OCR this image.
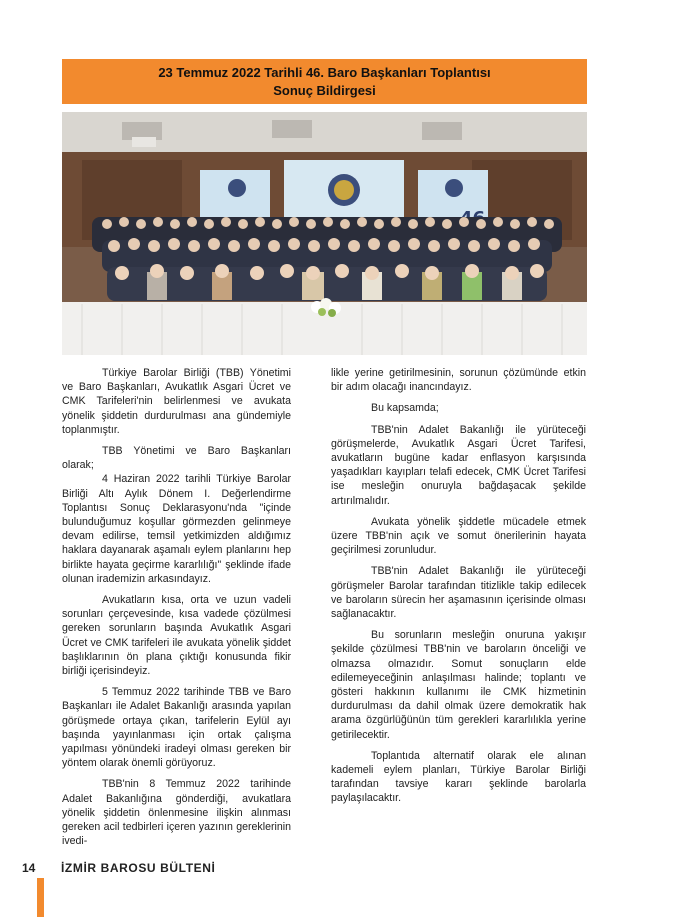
23 Temmuz 2022 Tarihli 46. Baro Başkanları Toplantısı
Sonuç Bildirgesi

Türkiye Barolar Birliği (TBB) Yönetimi ve Baro Başkanları, Avukatlık Asgari Ücret ve CMK Tarifeleri'nin belirlenmesi ve avukata yönelik şiddetin durdurulması ana gündemiyle toplanmıştır.

TBB Yönetimi ve Baro Başkanları olarak;

4 Haziran 2022 tarihli Türkiye Barolar Birliği Altı Aylık Dönem I. Değerlendirme Toplantısı Sonuç Deklarasyonu'nda "içinde bulunduğumuz koşullar görmezden gelinmeye devam edilirse, temsil yetkimizden aldığımız haklara dayanarak aşamalı eylem planlarını hep birlikte hayata geçirme kararlılığı" şeklinde ifade olunan irademizin arkasındayız.

Avukatların kısa, orta ve uzun vadeli sorunları çerçevesinde, kısa vadede çözülmesi gereken sorunların başında Avukatlık Asgari Ücret ve CMK tarifeleri ile avukata yönelik şiddet başlıklarının ön plana çıktığı konusunda fikir birliği içerisindeyiz.

5 Temmuz 2022 tarihinde TBB ve Baro Başkanları ile Adalet Bakanlığı arasında yapılan görüşmede ortaya çıkan, tarifelerin Eylül ayı başında yayınlanması için ortak çalışma yapılması yönündeki iradeyi olması gereken bir yöntem olarak önemli görüyoruz.

TBB'nin 8 Temmuz 2022 tarihinde Adalet Bakanlığına gönderdiği, avukatlara yönelik şiddetin önlenmesine ilişkin alınması gereken acil tedbirleri içeren yazının gereklerinin ivedi-

likle yerine getirilmesinin, sorunun çözümünde etkin bir adım olacağı inancındayız.

Bu kapsamda;

TBB'nin Adalet Bakanlığı ile yürüteceği görüşmelerde, Avukatlık Asgari Ücret Tarifesi, avukatların bugüne kadar enflasyon karşısında yaşadıkları kayıpları telafi edecek, CMK Ücret Tarifesi ise mesleğin onuruyla bağdaşacak şekilde artırılmalıdır.

Avukata yönelik şiddetle mücadele etmek üzere TBB'nin açık ve somut önerilerinin hayata geçirilmesi zorunludur.

TBB'nin Adalet Bakanlığı ile yürüteceği görüşmeler Barolar tarafından titizlikle takip edilecek ve baroların sürecin her aşamasının içerisinde olması sağlanacaktır.

Bu sorunların mesleğin onuruna yakışır şekilde çözülmesi TBB'nin ve baroların önceliği ve olmazsa olmazıdır. Somut sonuçların elde edilemeyeceğinin anlaşılması halinde; toplantı ve gösteri hakkının kullanımı ile CMK hizmetinin durdurulması da dahil olmak üzere demokratik hak arama özgürlüğünün tüm gerekleri kararlılıkla yerine getirilecektir.

Toplantıda alternatif olarak ele alınan kademeli eylem planları, Türkiye Barolar Birliği tarafından tavsiye kararı şeklinde barolarla paylaşılacaktır.

14 İZMİR BAROSU BÜLTENİ
